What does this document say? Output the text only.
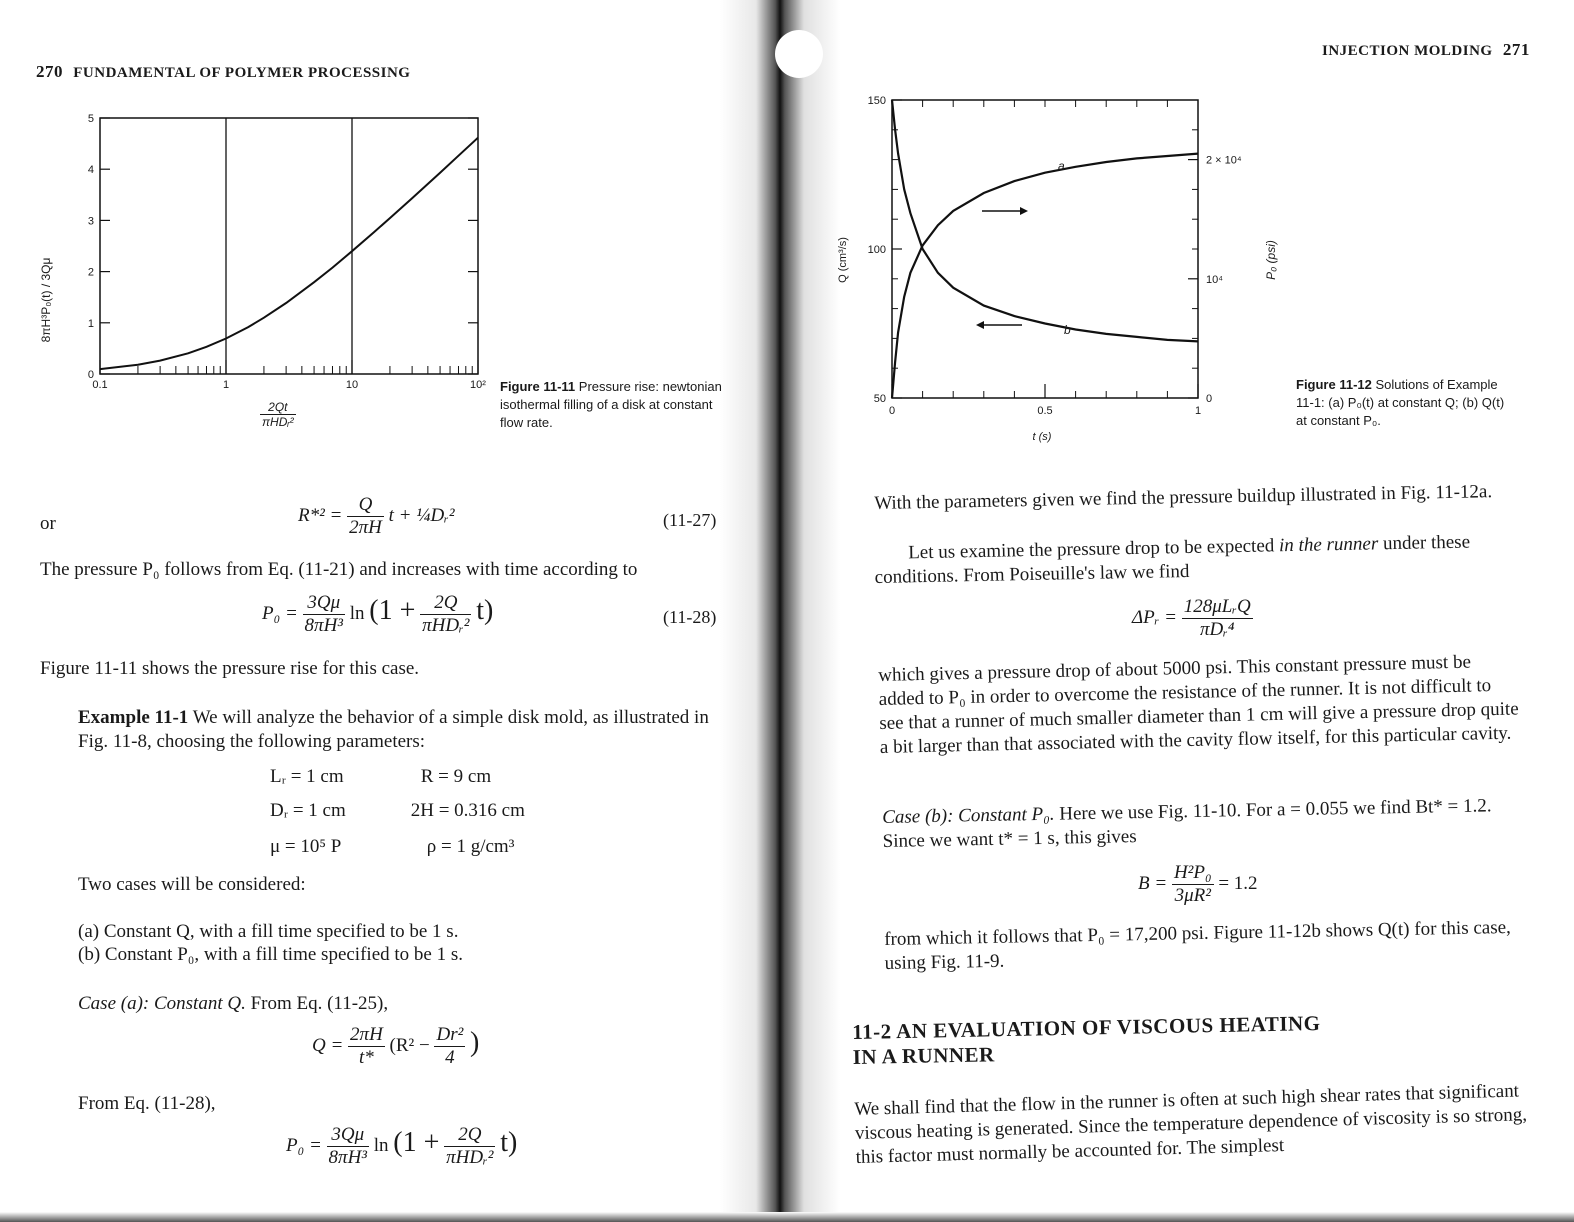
270 FUNDAMENTAL OF POLYMER PROCESSING
0.1	1	10	10²
0
1
2
3
4
5
8πH³P₀(t) / 3Qμ
$\frac{2Qt}{\text{πHDᵣ²}}$
Figure 11-11 Pressure rise: newtonian isothermal filling of a disk at constant flow rate.
or	$R*^2 = \frac{Q}{2\pi H}$ t + ¼Dᵣ²	(11-27)
The pressure P₀ follows from Eq. (11-21) and increases with time according to
$P_0 = \frac{3Q\mu}{\text{8πH³}}$ $\ln (1 + \frac{2Q}{\text{πHDᵣ²}} t)$	(11-28)
Figure 11-11 shows the pressure rise for this case.
Example 11-1 We will analyze the behavior of a simple disk mold, as illustrated in Fig. 11-8, choosing the following parameters:
Lᵣ = 1 cm	R = 9 cm
Dᵣ = 1 cm	2H = 0.316 cm
μ = 10⁵ P	ρ = 1 g/cm³
Two cases will be considered:
(a) Constant Q, with a fill time specified to be 1 s.
(b) Constant P₀, with a fill time specified to be 1 s.
Case (a): Constant Q. From Eq. (11-25),
$Q = \frac{2\pi H}{t*} (R^2 - \frac{\text{Dr²}}{4}$ )
From Eq. (11-28),
$P_0 = \frac{3Q\mu}{\text{8πH³}}$ $\ln (1 + \frac{2Q}{\text{πHDᵣ²}} t)$
INJECTION MOLDING 271
0	0.5	1
50
100
150
0
10⁴
2 × 10⁴
a
b
Q (cm³/s)
t (s)
P₀ (psi)
Figure 11-12 Solutions of Example 11-1: (a) P₀(t) at constant Q; (b) Q(t) at constant P₀.
With the parameters given we find the pressure buildup illustrated in Fig. 11-12a.
Let us examine the pressure drop to be expected in the runner under these conditions. From Poiseuille's law we find
ΔPᵣ = $\frac{\text{128μLᵣQ}}{\text{πDᵣ⁴}}$
which gives a pressure drop of about 5000 psi. This constant pressure must be added to P₀ in order to overcome the resistance of the runner. It is not difficult to see that a runner of much smaller diameter than 1 cm will give a pressure drop quite a bit larger than that associated with the cavity flow itself, for this particular cavity.
Case (b): Constant P₀. Here we use Fig. 11-10. For a = 0.055 we find Bt* = 1.2. Since we want t* = 1 s, this gives
$B = \frac{\text{H²P₀}}{\text{3μR²}} = 1.2$
from which it follows that P₀ = 17,200 psi. Figure 11-12b shows Q(t) for this case, using Fig. 11-9.
11-2 AN EVALUATION OF VISCOUS HEATING
IN A RUNNER
We shall find that the flow in the runner is often at such high shear rates that significant viscous heating is generated. Since the temperature dependence of viscosity is so strong, this factor must normally be accounted for. The simplest
